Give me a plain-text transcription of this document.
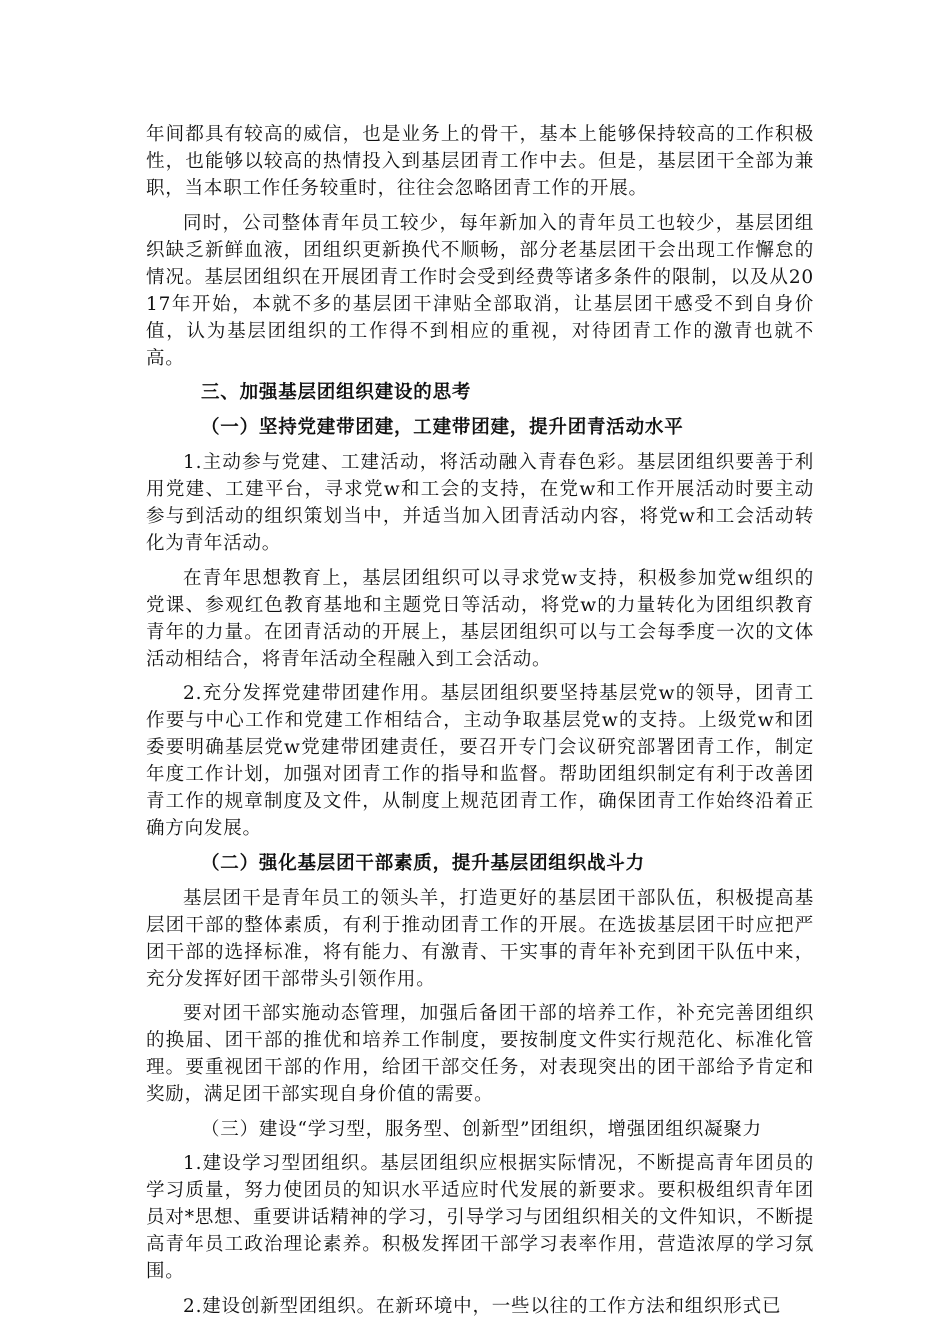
年间都具有较高的威信，也是业务上的骨干，基本上能够保持较高的工作积极性，也能够以较高的热情投入到基层团青工作中去。但是，基层团干全部为兼职，当本职工作任务较重时，往往会忽略团青工作的开展。

同时，公司整体青年员工较少，每年新加入的青年员工也较少，基层团组织缺乏新鲜血液，团组织更新换代不顺畅，部分老基层团干会出现工作懈怠的情况。基层团组织在开展团青工作时会受到经费等诸多条件的限制，以及从2017年开始，本就不多的基层团干津贴全部取消，让基层团干感受不到自身价值，认为基层团组织的工作得不到相应的重视，对待团青工作的激青也就不高。

三、加强基层团组织建设的思考

（一）坚持党建带团建，工建带团建，提升团青活动水平

1.主动参与党建、工建活动，将活动融入青春色彩。基层团组织要善于利用党建、工建平台，寻求党w和工会的支持，在党w和工作开展活动时要主动参与到活动的组织策划当中，并适当加入团青活动内容，将党w和工会活动转化为青年活动。

在青年思想教育上，基层团组织可以寻求党w支持，积极参加党w组织的党课、参观红色教育基地和主题党日等活动，将党w的力量转化为团组织教育青年的力量。在团青活动的开展上，基层团组织可以与工会每季度一次的文体活动相结合，将青年活动全程融入到工会活动。

2.充分发挥党建带团建作用。基层团组织要坚持基层党w的领导，团青工作要与中心工作和党建工作相结合，主动争取基层党w的支持。上级党w和团委要明确基层党w党建带团建责任，要召开专门会议研究部署团青工作，制定年度工作计划，加强对团青工作的指导和监督。帮助团组织制定有利于改善团青工作的规章制度及文件，从制度上规范团青工作，确保团青工作始终沿着正确方向发展。

（二）强化基层团干部素质，提升基层团组织战斗力

基层团干是青年员工的领头羊，打造更好的基层团干部队伍，积极提高基层团干部的整体素质，有利于推动团青工作的开展。在选拔基层团干时应把严团干部的选择标准，将有能力、有激青、干实事的青年补充到团干队伍中来，充分发挥好团干部带头引领作用。

要对团干部实施动态管理，加强后备团干部的培养工作，补充完善团组织的换届、团干部的推优和培养工作制度，要按制度文件实行规范化、标准化管理。要重视团干部的作用，给团干部交任务，对表现突出的团干部给予肯定和奖励，满足团干部实现自身价值的需要。

（三）建设“学习型，服务型、创新型”团组织，增强团组织凝聚力

1.建设学习型团组织。基层团组织应根据实际情况，不断提高青年团员的学习质量，努力使团员的知识水平适应时代发展的新要求。要积极组织青年团员对*思想、重要讲话精神的学习，引导学习与团组织相关的文件知识，不断提高青年员工政治理论素养。积极发挥团干部学习表率作用，营造浓厚的学习氛围。

2.建设创新型团组织。在新环境中，一些以往的工作方法和组织形式已
